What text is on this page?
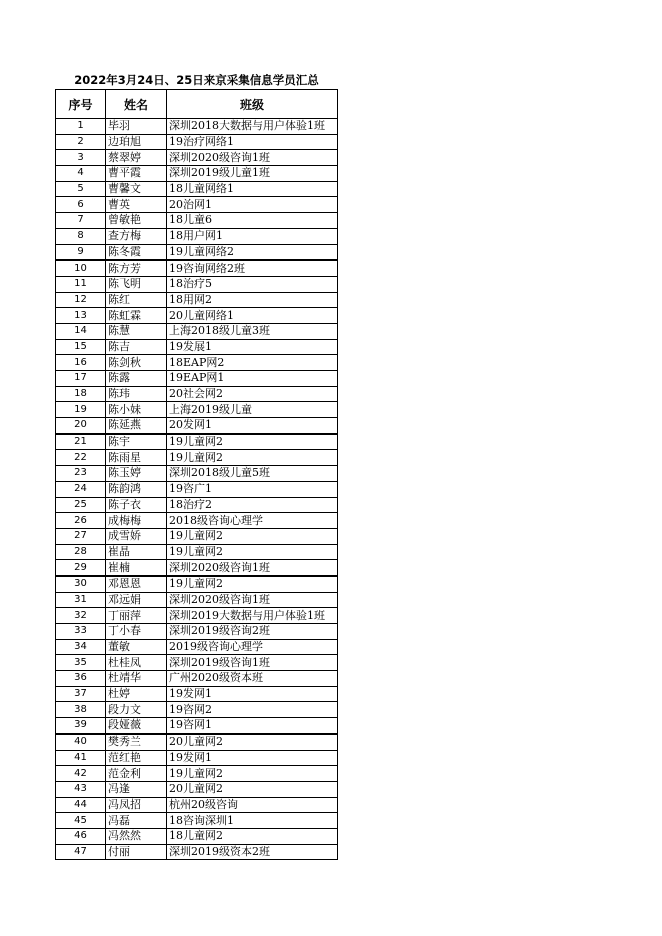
2022年3月24日、25日来京采集信息学员汇总
序号	姓名	班级
1	毕羽	深圳2018大数据与用户体验1班
2	边珀旭	19治疗网络1
3	蔡翠婷	深圳2020级咨询1班
4	曹平霞	深圳2019级儿童1班
5	曹馨文	18儿童网络1
6	曹英	20治网1
7	曾敏艳	18儿童6
8	查方梅	18用户网1
9	陈冬霞	19儿童网络2
10	陈方芳	19咨询网络2班
11	陈飞明	18治疗5
12	陈红	18用网2
13	陈虹霖	20儿童网络1
14	陈慧	上海2018级儿童3班
15	陈吉	19发展1
16	陈剑秋	18EAP网2
17	陈露	19EAP网1
18	陈玮	20社会网2
19	陈小妹	上海2019级儿童
20	陈延燕	20发网1
21	陈宇	19儿童网2
22	陈雨星	19儿童网2
23	陈玉婷	深圳2018级儿童5班
24	陈韵鸿	19咨广1
25	陈子衣	18治疗2
26	成梅梅	2018级咨询心理学
27	成雪娇	19儿童网2
28	崔晶	19儿童网2
29	崔楠	深圳2020级咨询1班
30	邓恩恩	19儿童网2
31	邓远娟	深圳2020级咨询1班
32	丁丽萍	深圳2019大数据与用户体验1班
33	丁小春	深圳2019级咨询2班
34	董敏	2019级咨询心理学
35	杜桂凤	深圳2019级咨询1班
36	杜靖华	广州2020级资本班
37	杜婷	19发网1
38	段力文	19咨网2
39	段娅薇	19咨网1
40	樊秀兰	20儿童网2
41	范红艳	19发网1
42	范金利	19儿童网2
43	冯逢	20儿童网2
44	冯凤招	杭州20级咨询
45	冯磊	18咨询深圳1
46	冯然然	18儿童网2
47	付丽	深圳2019级资本2班
